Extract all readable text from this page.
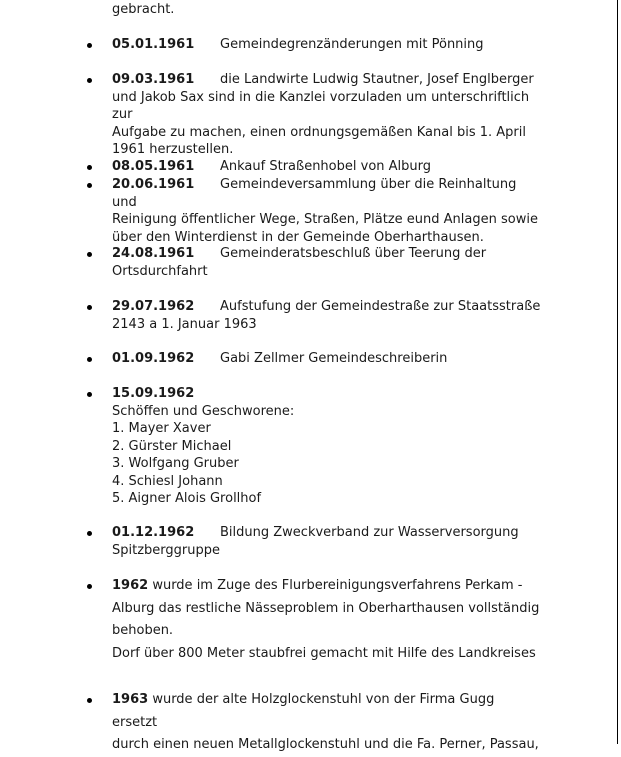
gebracht.
05.01.1961 Gemeindegrenzänderungen mit Pönning
09.03.1961 die Landwirte Ludwig Stautner, Josef Englberger
und Jakob Sax sind in die Kanzlei vorzuladen um unterschriftlich zur
Aufgabe zu machen, einen ordnungsgemäßen Kanal bis 1. April
1961 herzustellen.
08.05.1961 Ankauf Straßenhobel von Alburg
20.06.1961 Gemeindeversammlung über die Reinhaltung und
Reinigung öffentlicher Wege, Straßen, Plätze eund Anlagen sowie
über den Winterdienst in der Gemeinde Oberharthausen.
24.08.1961 Gemeinderatsbeschluß über Teerung der
Ortsdurchfahrt
29.07.1962 Aufstufung der Gemeindestraße zur Staatsstraße
2143 a 1. Januar 1963
01.09.1962 Gabi Zellmer Gemeindeschreiberin
15.09.1962
Schöffen und Geschworene:
1. Mayer Xaver
2. Gürster Michael
3. Wolfgang Gruber
4. Schiesl Johann
5. Aigner Alois Grollhof
01.12.1962 Bildung Zweckverband zur Wasserversorgung
Spitzberggruppe
1962 wurde im Zuge des Flurbereinigungsverfahrens Perkam -
Alburg das restliche Nässeproblem in Oberharthausen vollständig
behoben.
Dorf über 800 Meter staubfrei gemacht mit Hilfe des Landkreises
1963 wurde der alte Holzglockenstuhl von der Firma Gugg ersetzt
durch einen neuen Metallglockenstuhl und die Fa. Perner, Passau,
